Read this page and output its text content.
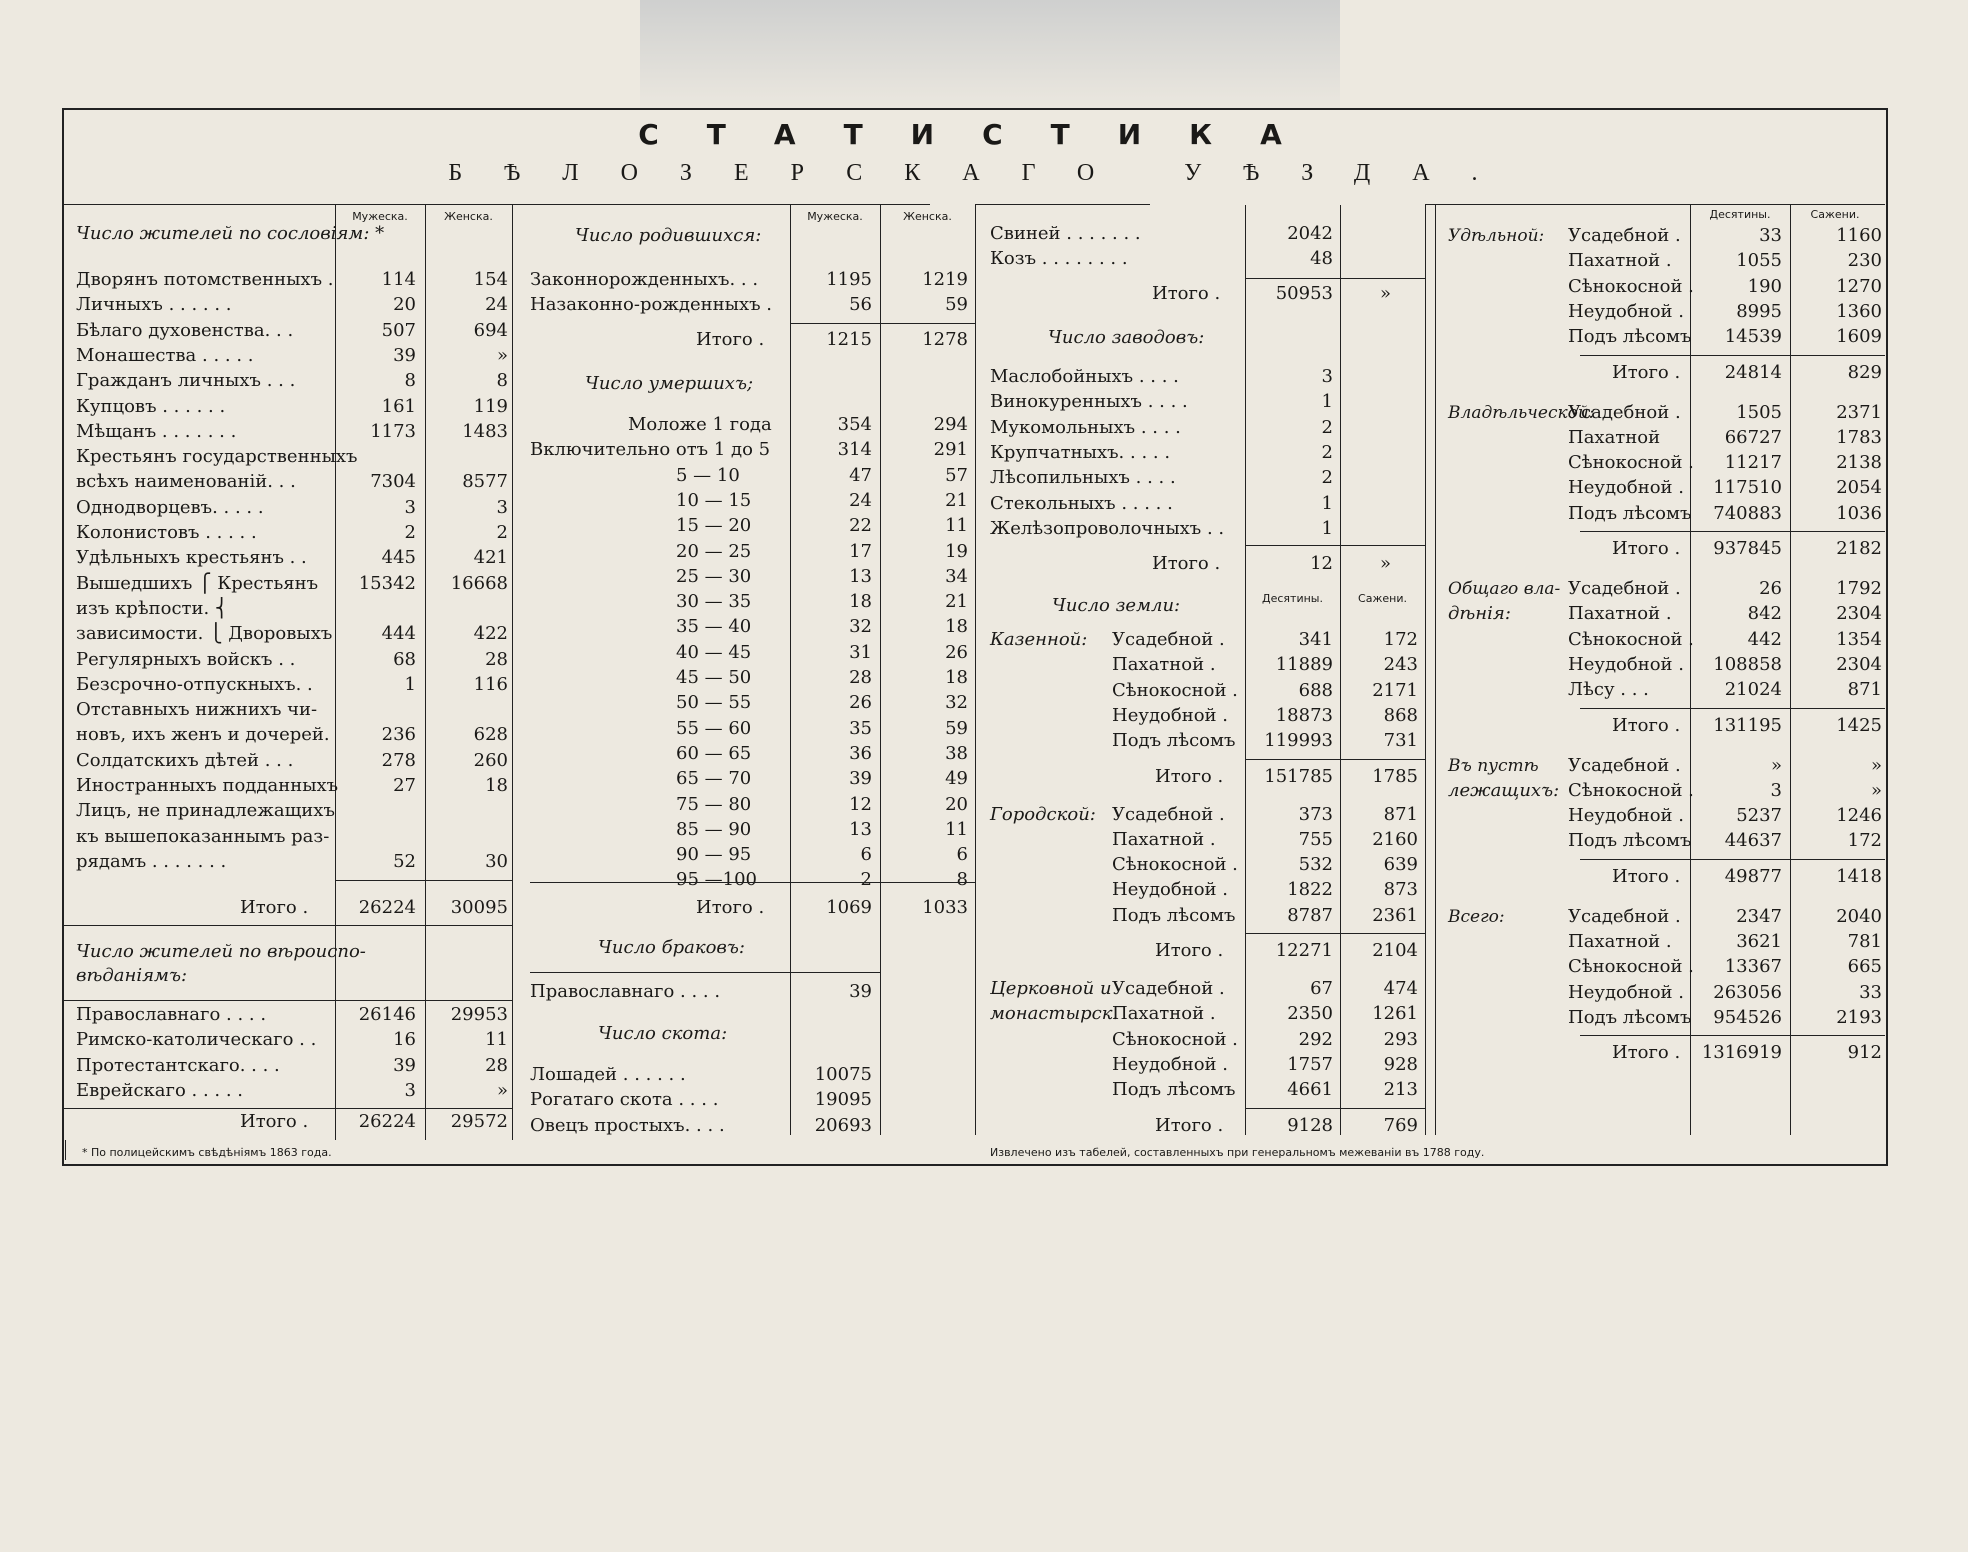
СТАТИСТИКА
БѢЛОЗЕРСКАГО УѢЗДА.
Мужеска.	Женска.
Число жителей по сословіям: *
Дворянъ потомственныхъ .	114	154
Личныхъ . . . . . .	20	24
Бѣлаго духовенства. . .	507	694
Монашества . . . . .	39	»
Гражданъ личныхъ . . .	8	8
Купцовъ . . . . . .	161	119
Мѣщанъ . . . . . . .	1173	1483
Крестьянъ государственныхъ
всѣхъ наименованій. . .	7304	8577
Однодворцевъ. . . . .	3	3
Колонистовъ . . . . .	2	2
Удѣльныхъ крестьянъ . .	445	421
Вышедшихъ ⎧ Крестьянъ	15342	16668
изъ крѣпости. ⎨
зависимости. ⎩ Дворовыхъ	444	422
Регулярныхъ войскъ . .	68	28
Безсрочно-отпускныхъ. .	1	116
Отставныхъ нижнихъ чи-
новъ, ихъ женъ и дочерей.	236	628
Солдатскихъ дѣтей . . .	278	260
Иностранныхъ подданныхъ	27	18
Лицъ, не принадлежащихъ
къ вышепоказаннымъ раз-
рядамъ . . . . . . .	52	30
Итого .	26224	30095
Число жителей по вѣроиспо-
вѣданіямъ:
Православнаго . . . .	26146	29953
Римско-католическаго . .	16	11
Протестантскаго. . . .	39	28
Еврейскаго . . . . .	3	»
Итого .	26224	29572
* По полицейскимъ свѣдѣніямъ 1863 года.
Мужеска.	Женска.
Число родившихся:
Законнорожденныхъ. . .	1195	1219
Назаконно-рожденныхъ .	56	59
Итого .	1215	1278
Число умершихъ;
Моложе 1 года	354	294
Включительно отъ 1 до 5	314	291
5 — 10	47	57
10 — 15	24	21
15 — 20	22	11
20 — 25	17	19
25 — 30	13	34
30 — 35	18	21
35 — 40	32	18
40 — 45	31	26
45 — 50	28	18
50 — 55	26	32
55 — 60	35	59
60 — 65	36	38
65 — 70	39	49
75 — 80	12	20
85 — 90	13	11
90 — 95	6	6
95 —100	2	8
Итого .	1069	1033
Число браковъ:
Православнаго . . . .	39
Число скота:
Лошадей . . . . . .	10075
Рогатаго скота . . . .	19095
Овецъ простыхъ. . . .	20693
Свиней . . . . . . .	2042
Козъ . . . . . . . .	48
Итого .	50953	»
Число заводовъ:
Маслобойныхъ . . . .	3
Винокуренныхъ . . . .	1
Мукомольныхъ . . . .	2
Крупчатныхъ. . . . .	2
Лѣсопильныхъ . . . .	2
Стекольныхъ . . . . .	1
Желѣзопроволочныхъ . .	1
Итого .	12	»
Число земли:	Десятины.	Сажени.
Казенной: Усадебной .	341	172
Пахатной .	11889	243
Сѣнокосной .	688	2171
Неудобной .	18873	868
Подъ лѣсомъ	119993	731
Итого .	151785	1785
Городской: Усадебной .	373	871
Пахатной .	755	2160
Сѣнокосной .	532	639
Неудобной .	1822	873
Подъ лѣсомъ	8787	2361
Итого .	12271	2104
Церковной и
монастырск.
Усадебной .	67	474
Пахатной .	2350	1261
Сѣнокосной .	292	293
Неудобной .	1757	928
Подъ лѣсомъ	4661	213
Итого .	9128	769
Извлечено изъ табелей, составленныхъ при генеральномъ межеваніи въ 1788 году.
Десятины.	Сажени.
Удѣльной: Усадебной .	33	1160
Пахатной .	1055	230
Сѣнокосной .	190	1270
Неудобной .	8995	1360
Подъ лѣсомъ	14539	1609
Итого .	24814	829
Владѣльческой:
Усадебной .	1505	2371
Пахатной	66727	1783
Сѣнокосной .	11217	2138
Неудобной .	117510	2054
Подъ лѣсомъ	740883	1036
Итого .	937845	2182
Общаго вла-
дѣнія:
Усадебной .	26	1792
Пахатной .	842	2304
Сѣнокосной .	442	1354
Неудобной .	108858	2304
Лѣсу . . .	21024	871
Итого .	131195	1425
Въ пустѣ
лежащихъ:
Усадебной .	»	»
Сѣнокосной .	3	»
Неудобной .	5237	1246
Подъ лѣсомъ	44637	172
Итого .	49877	1418
Всего:	Усадебной .	2347	2040
Пахатной .	3621	781
Сѣнокосной .	13367	665
Неудобной .	263056	33
Подъ лѣсомъ	954526	2193
Итого .	1316919	912
